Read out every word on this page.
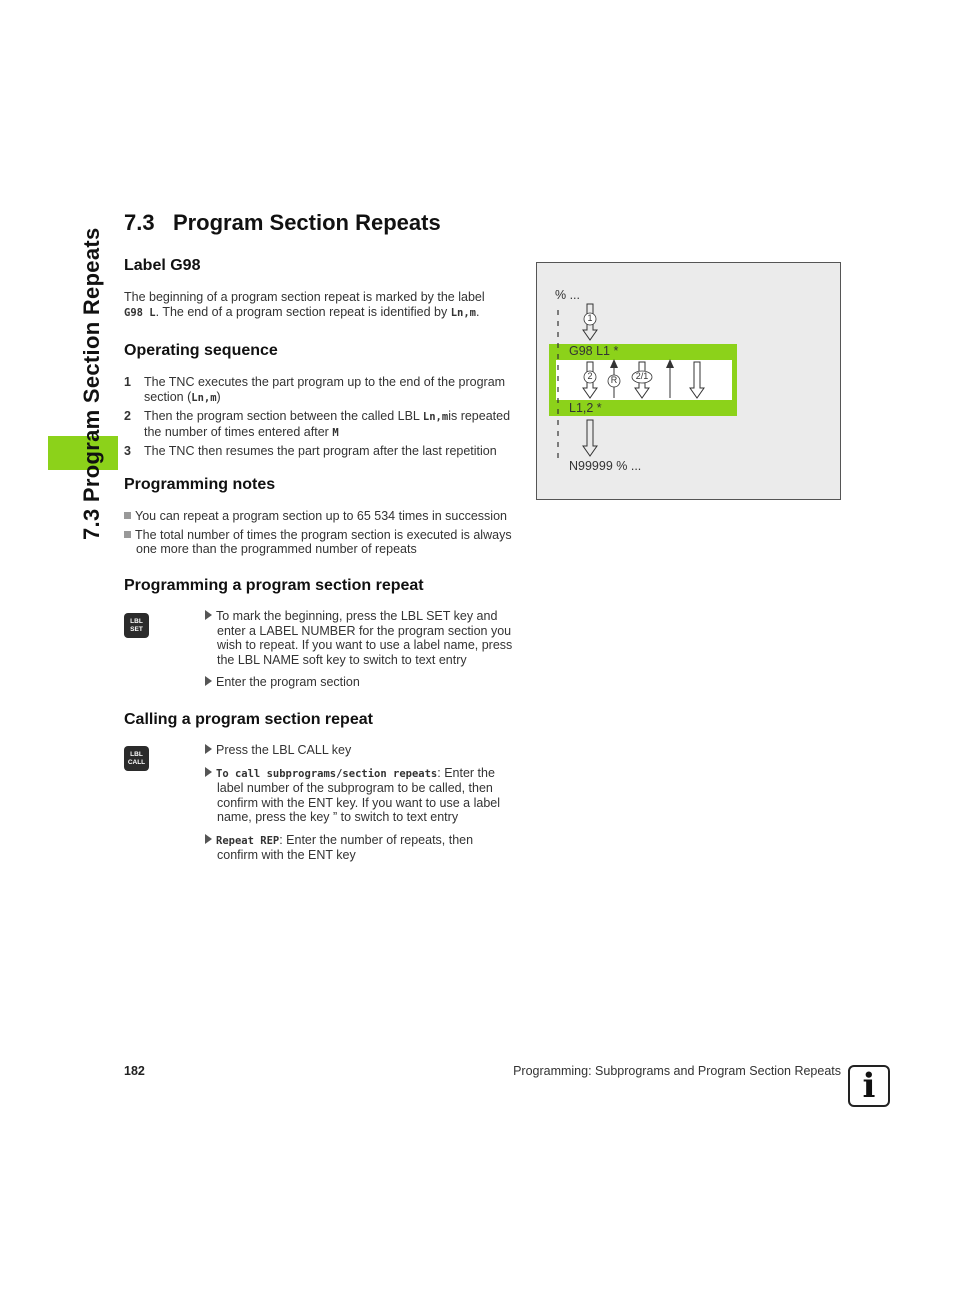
7.3 Program Section Repeats
7.3 Program Section Repeats
Label G98
The beginning of a program section repeat is marked by the label
G98 L. The end of a program section repeat is identified by Ln,m.
Operating sequence
1 The TNC executes the part program up to the end of the program
section (Ln,m)
2 Then the program section between the called LBL Ln,mis repeated
the number of times entered after M
3 The TNC then resumes the part program after the last repetition
Programming notes
You can repeat a program section up to 65 534 times in succession
The total number of times the program section is executed is always
one more than the programmed number of repeats
Programming a program section repeat
LBL
SET
To mark the beginning, press the LBL SET key and
enter a LABEL NUMBER for the program section you
wish to repeat. If you want to use a label name, press
the LBL NAME soft key to switch to text entry
Enter the program section
Calling a program section repeat
LBL
CALL
Press the LBL CALL key
To call subprograms/section repeats: Enter the
label number of the subprogram to be called, then
confirm with the ENT key. If you want to use a label
name, press the key ” to switch to text entry
Repeat REP: Enter the number of repeats, then
confirm with the ENT key
% ...
G98 L1 *
L1,2 *
N99999 % ...
1
2 R	2/1
182	Programming: Subprograms and Program Section Repeats i
